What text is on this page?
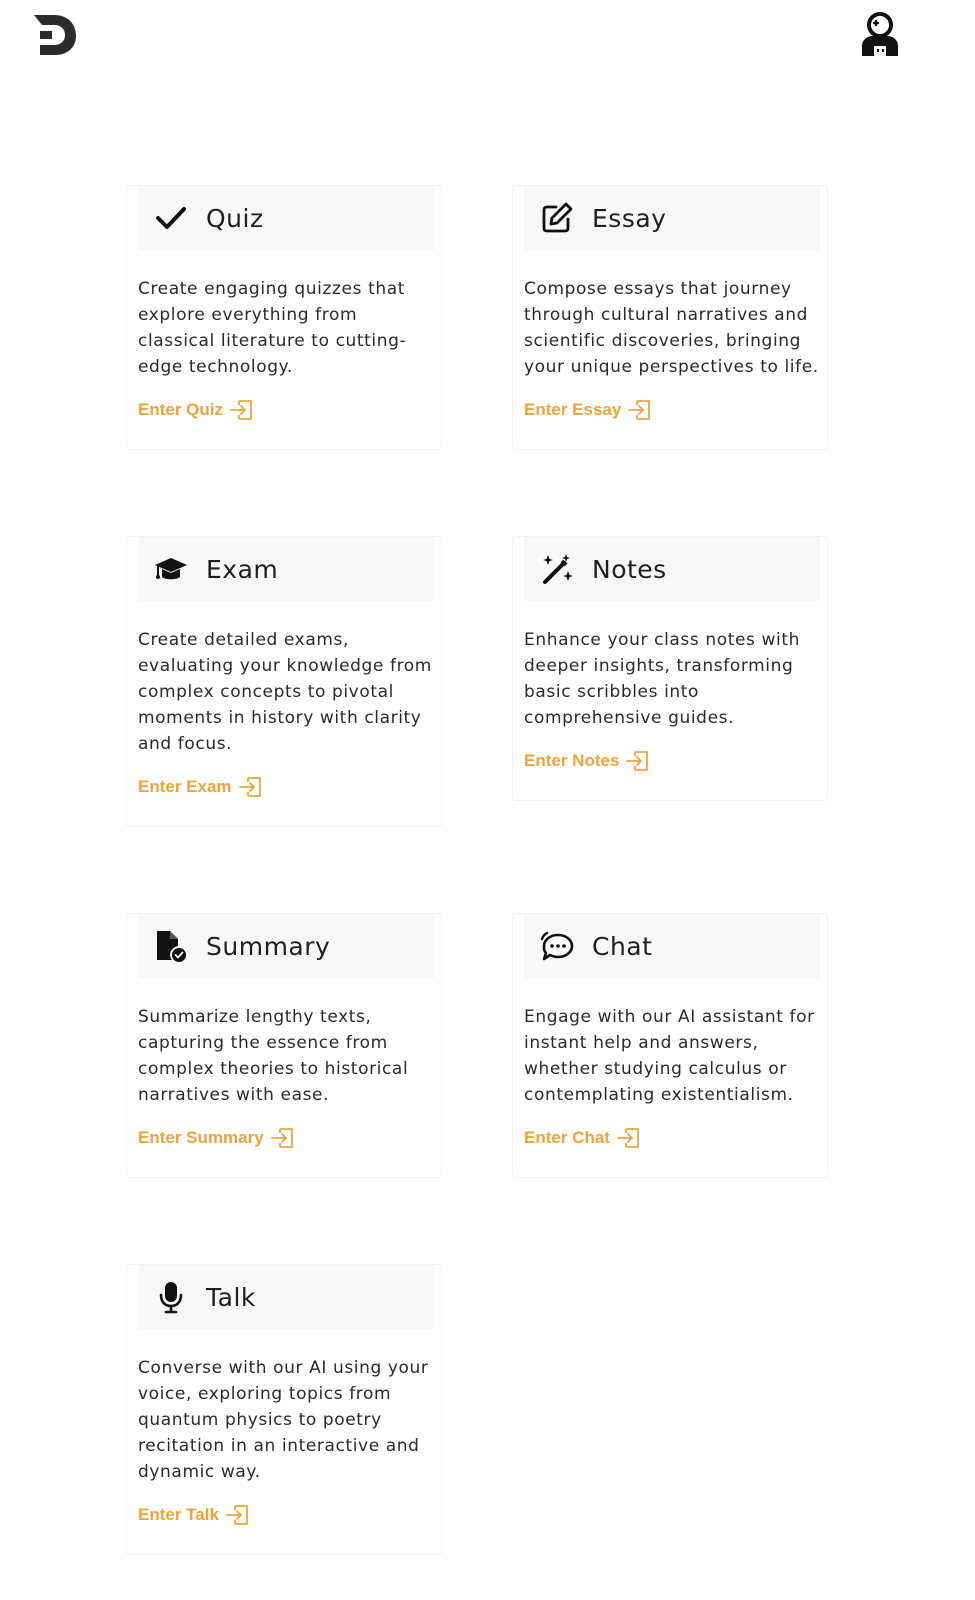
Quiz

Create engaging quizzes that explore everything from classical literature to cutting-edge technology.

Enter Quiz
Essay

Compose essays that journey through cultural narratives and scientific discoveries, bringing your unique perspectives to life.

Enter Essay
Exam

Create detailed exams, evaluating your knowledge from complex concepts to pivotal moments in history with clarity and focus.

Enter Exam
Notes

Enhance your class notes with deeper insights, transforming basic scribbles into comprehensive guides.

Enter Notes
Summary

Summarize lengthy texts, capturing the essence from complex theories to historical narratives with ease.

Enter Summary
Chat

Engage with our AI assistant for instant help and answers, whether studying calculus or contemplating existentialism.

Enter Chat
Talk

Converse with our AI using your voice, exploring topics from quantum physics to poetry recitation in an interactive and dynamic way.

Enter Talk
